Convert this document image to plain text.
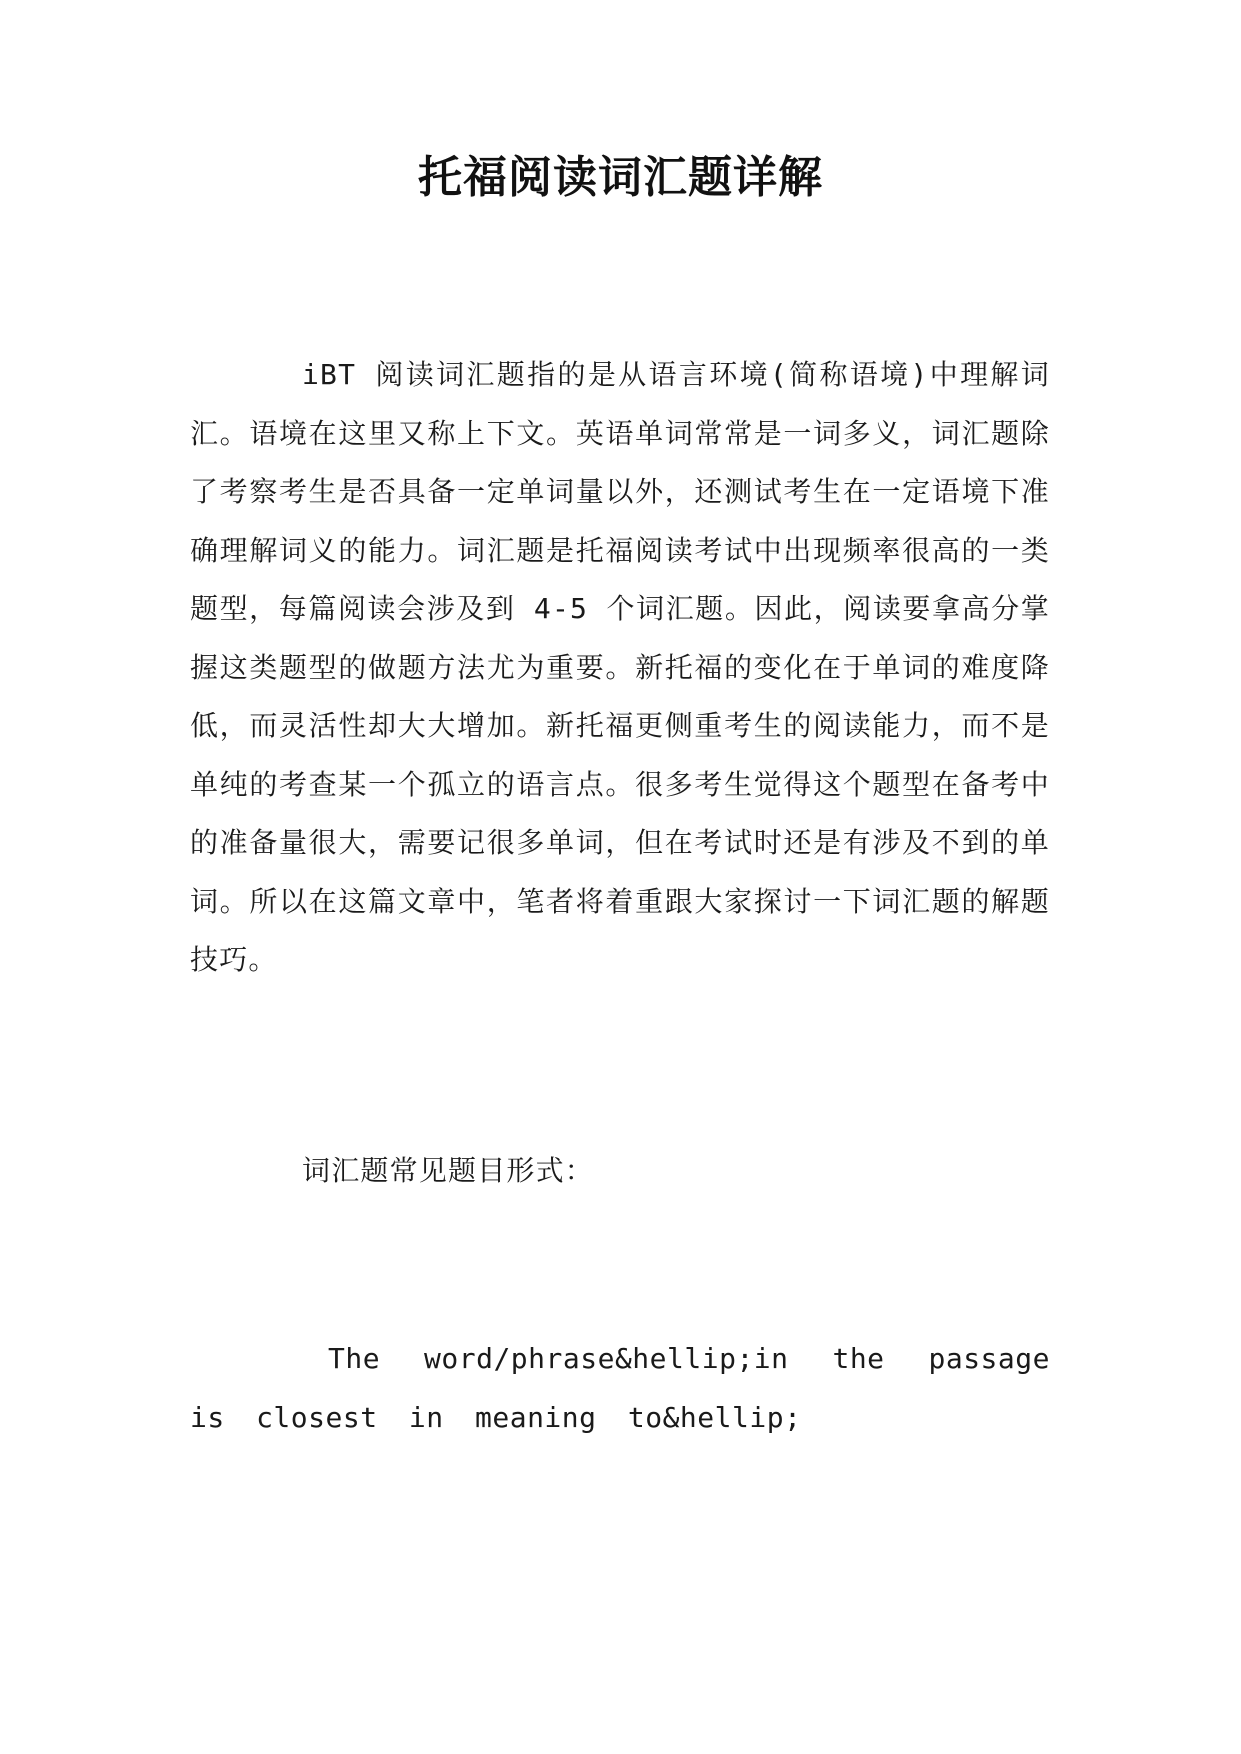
托福阅读词汇题详解

iBT 阅读词汇题指的是从语言环境(简称语境)中理解词汇。语境在这里又称上下文。英语单词常常是一词多义，词汇题除了考察考生是否具备一定单词量以外，还测试考生在一定语境下准确理解词义的能力。词汇题是托福阅读考试中出现频率很高的一类题型，每篇阅读会涉及到 4-5 个词汇题。因此，阅读要拿高分掌握这类题型的做题方法尤为重要。新托福的变化在于单词的难度降低，而灵活性却大大增加。新托福更侧重考生的阅读能力，而不是单纯的考查某一个孤立的语言点。很多考生觉得这个题型在备考中的准备量很大，需要记很多单词，但在考试时还是有涉及不到的单词。所以在这篇文章中，笔者将着重跟大家探讨一下词汇题的解题技巧。

词汇题常见题目形式：

The word/phrase&hellip;in the passage is closest in meaning to&hellip;
